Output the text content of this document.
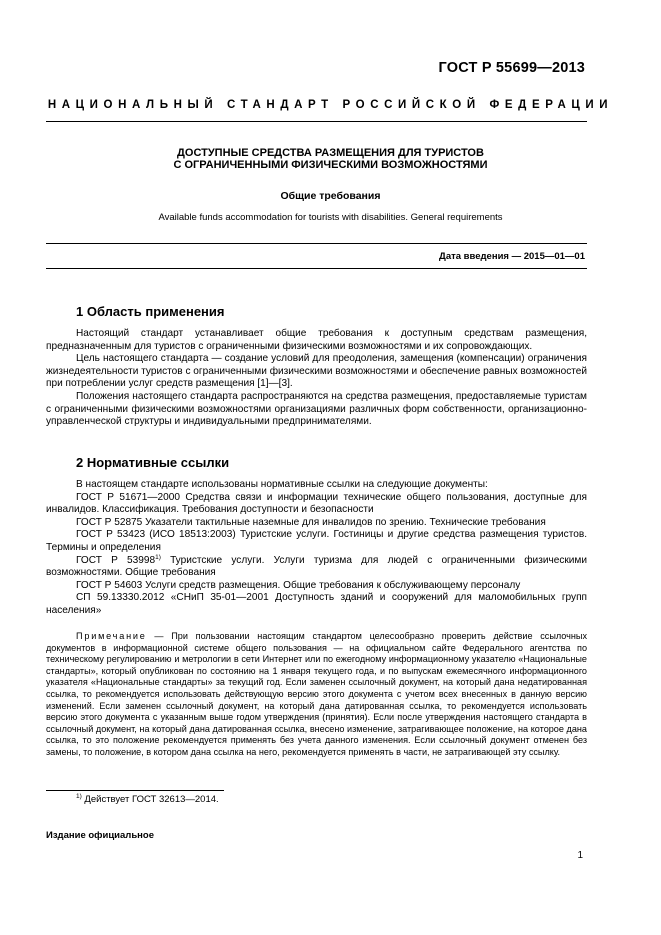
ГОСТ Р 55699—2013
НАЦИОНАЛЬНЫЙ СТАНДАРТ РОССИЙСКОЙ ФЕДЕРАЦИИ
ДОСТУПНЫЕ СРЕДСТВА РАЗМЕЩЕНИЯ ДЛЯ ТУРИСТОВ
С ОГРАНИЧЕННЫМИ ФИЗИЧЕСКИМИ ВОЗМОЖНОСТЯМИ
Общие требования
Available funds accommodation for tourists with disabilities. General requirements
Дата введения — 2015—01—01
1 Область применения

Настоящий стандарт устанавливает общие требования к доступным средствам размещения, предназначенным для туристов с ограниченными физическими возможностями и их сопровождающих.

Цель настоящего стандарта — создание условий для преодоления, замещения (компенсации) ограничения жизнедеятельности туристов с ограниченными физическими возможностями и обеспечение равных возможностей при потреблении услуг средств размещения [1]—[3].

Положения настоящего стандарта распространяются на средства размещения, предоставляемые туристам с ограниченными физическими возможностями организациями различных форм собственности, организационно-управленческой структуры и индивидуальными предпринимателями.

2 Нормативные ссылки

В настоящем стандарте использованы нормативные ссылки на следующие документы:

ГОСТ Р 51671—2000 Средства связи и информации технические общего пользования, доступные для инвалидов. Классификация. Требования доступности и безопасности

ГОСТ Р 52875 Указатели тактильные наземные для инвалидов по зрению. Технические требования

ГОСТ Р 53423 (ИСО 18513:2003) Туристские услуги. Гостиницы и другие средства размещения туристов. Термины и определения

ГОСТ Р 53998$^{1)}$ Туристские услуги. Услуги туризма для людей с ограниченными физическими возможностями. Общие требования

ГОСТ Р 54603 Услуги средств размещения. Общие требования к обслуживающему персоналу

СП 59.13330.2012 «СНиП 35-01—2001 Доступность зданий и сооружений для маломобильных групп населения»

Примечание — При пользовании настоящим стандартом целесообразно проверить действие ссылочных документов в информационной системе общего пользования — на официальном сайте Федерального агентства по техническому регулированию и метрологии в сети Интернет или по ежегодному информационному указателю «Национальные стандарты», который опубликован по состоянию на 1 января текущего года, и по выпускам ежемесячного информационного указателя «Национальные стандарты» за текущий год. Если заменен ссылочный документ, на который дана недатированная ссылка, то рекомендуется использовать действующую версию этого документа с учетом всех внесенных в данную версию изменений. Если заменен ссылочный документ, на который дана датированная ссылка, то рекомендуется использовать версию этого документа с указанным выше годом утверждения (принятия). Если после утверждения настоящего стандарта в ссылочный документ, на который дана датированная ссылка, внесено изменение, затрагивающее положение, на которое дана ссылка, то это положение рекомендуется применять без учета данного изменения. Если ссылочный документ отменен без замены, то положение, в котором дана ссылка на него, рекомендуется применять в части, не затрагивающей эту ссылку.

$^{1)}$ Действует ГОСТ 32613—2014.
Издание официальное
1
